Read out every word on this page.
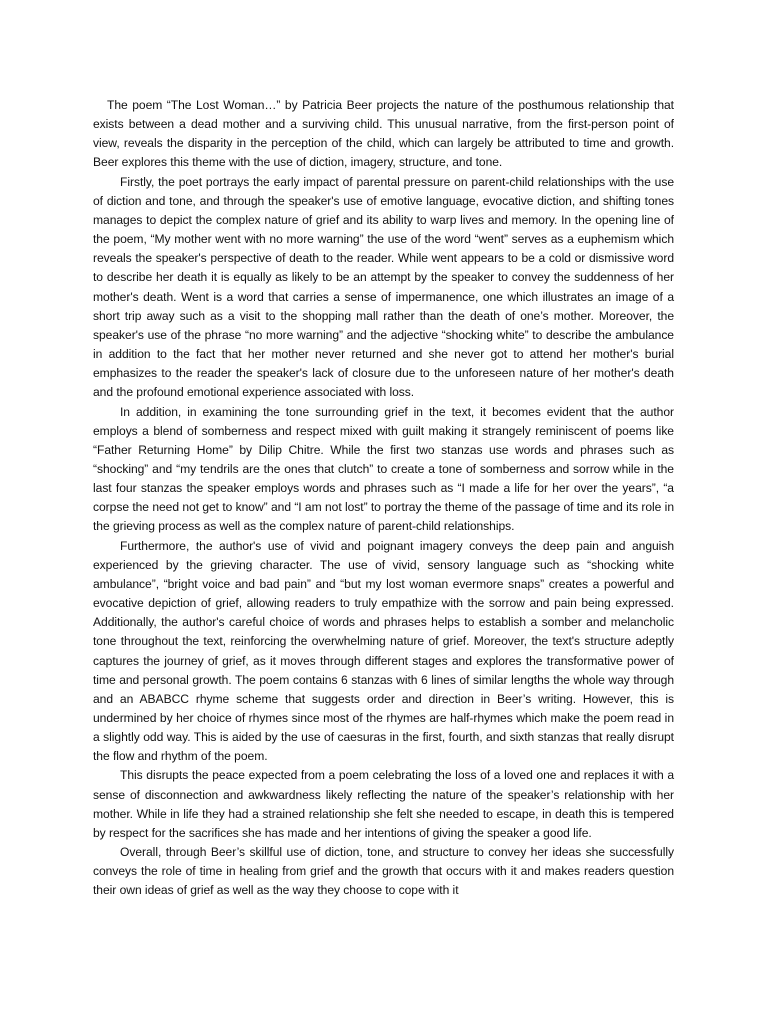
The poem “The Lost Woman…” by Patricia Beer projects the nature of the posthumous relationship that exists between a dead mother and a surviving child. This unusual narrative, from the first-person point of view, reveals the disparity in the perception of the child, which can largely be attributed to time and growth. Beer explores this theme with the use of diction, imagery, structure, and tone.

Firstly, the poet portrays the early impact of parental pressure on parent-child relationships with the use of diction and tone, and through the speaker's use of emotive language, evocative diction, and shifting tones manages to depict the complex nature of grief and its ability to warp lives and memory. In the opening line of the poem, “My mother went with no more warning” the use of the word “went” serves as a euphemism which reveals the speaker's perspective of death to the reader. While went appears to be a cold or dismissive word to describe her death it is equally as likely to be an attempt by the speaker to convey the suddenness of her mother's death. Went is a word that carries a sense of impermanence, one which illustrates an image of a short trip away such as a visit to the shopping mall rather than the death of one’s mother. Moreover, the speaker's use of the phrase “no more warning” and the adjective “shocking white” to describe the ambulance in addition to the fact that her mother never returned and she never got to attend her mother's burial emphasizes to the reader the speaker's lack of closure due to the unforeseen nature of her mother's death and the profound emotional experience associated with loss.

In addition, in examining the tone surrounding grief in the text, it becomes evident that the author employs a blend of somberness and respect mixed with guilt making it strangely reminiscent of poems like “Father Returning Home” by Dilip Chitre. While the first two stanzas use words and phrases such as “shocking” and “my tendrils are the ones that clutch” to create a tone of somberness and sorrow while in the last four stanzas the speaker employs words and phrases such as “I made a life for her over the years”, “a corpse the need not get to know” and “I am not lost” to portray the theme of the passage of time and its role in the grieving process as well as the complex nature of parent-child relationships.

Furthermore, the author's use of vivid and poignant imagery conveys the deep pain and anguish experienced by the grieving character. The use of vivid, sensory language such as “shocking white ambulance”, “bright voice and bad pain” and “but my lost woman evermore snaps” creates a powerful and evocative depiction of grief, allowing readers to truly empathize with the sorrow and pain being expressed. Additionally, the author's careful choice of words and phrases helps to establish a somber and melancholic tone throughout the text, reinforcing the overwhelming nature of grief. Moreover, the text's structure adeptly captures the journey of grief, as it moves through different stages and explores the transformative power of time and personal growth. The poem contains 6 stanzas with 6 lines of similar lengths the whole way through and an ABABCC rhyme scheme that suggests order and direction in Beer’s writing. However, this is undermined by her choice of rhymes since most of the rhymes are half-rhymes which make the poem read in a slightly odd way. This is aided by the use of caesuras in the first, fourth, and sixth stanzas that really disrupt the flow and rhythm of the poem.

This disrupts the peace expected from a poem celebrating the loss of a loved one and replaces it with a sense of disconnection and awkwardness likely reflecting the nature of the speaker’s relationship with her mother. While in life they had a strained relationship she felt she needed to escape, in death this is tempered by respect for the sacrifices she has made and her intentions of giving the speaker a good life.

Overall, through Beer’s skillful use of diction, tone, and structure to convey her ideas she successfully conveys the role of time in healing from grief and the growth that occurs with it and makes readers question their own ideas of grief as well as the way they choose to cope with it
